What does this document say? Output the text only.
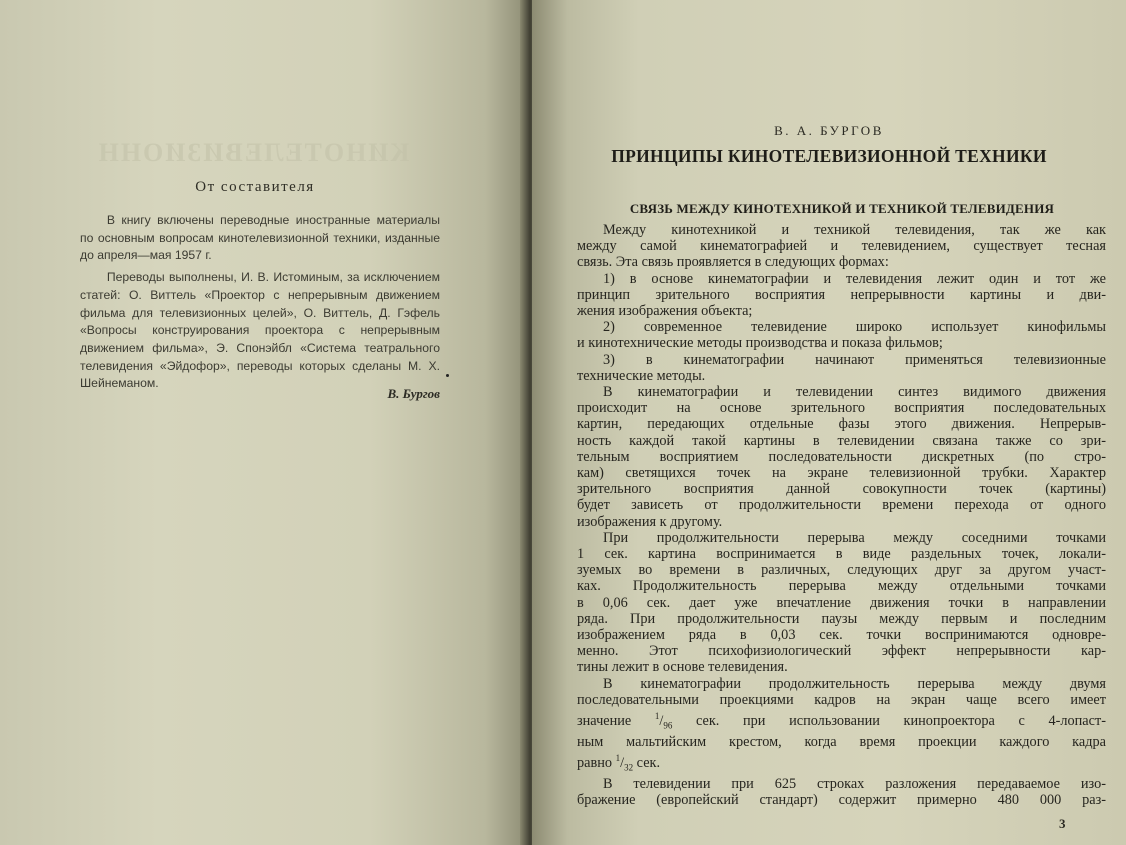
КИНОТЕЛЕВИЗИОНН
От составителя

В книгу включены переводные иностранные материалы по основным вопросам кинотелевизионной техники, изданные до апреля—мая 1957 г.

Переводы выполнены, И. В. Истоминым, за исключением статей: О. Виттель «Проектор с непрерывным движением фильма для телевизионных целей», О. Виттель, Д. Гэфель «Вопросы конструирования проектора с непрерывным движением фильма», Э. Спонэйбл «Система театрального телевидения «Эйдофор», переводы которых сделаны М. Х. Шейнеманом.

В. Бургов
В. А. БУРГОВ
ПРИНЦИПЫ КИНОТЕЛЕВИЗИОННОЙ ТЕХНИКИ
СВЯЗЬ МЕЖДУ КИНОТЕХНИКОЙ И ТЕХНИКОЙ ТЕЛЕВИДЕНИЯ
Между кинотехникой и техникой телевидения, так же как
между самой кинематографией и телевидением, существует тесная
связь. Эта связь проявляется в следующих формах:
1) в основе кинематографии и телевидения лежит один и тот же
принцип зрительного восприятия непрерывности картины и дви-
жения изображения объекта;
2) современное телевидение широко использует кинофильмы
и кинотехнические методы производства и показа фильмов;
3) в кинематографии начинают применяться телевизионные
технические методы.
В кинематографии и телевидении синтез видимого движения
происходит на основе зрительного восприятия последовательных
картин, передающих отдельные фазы этого движения. Непрерыв-
ность каждой такой картины в телевидении связана также со зри-
тельным восприятием последовательности дискретных (по стро-
кам) светящихся точек на экране телевизионной трубки. Характер
зрительного восприятия данной совокупности точек (картины)
будет зависеть от продолжительности времени перехода от одного
изображения к другому.
При продолжительности перерыва между соседними точками
1 сек. картина воспринимается в виде раздельных точек, локали-
зуемых во времени в различных, следующих друг за другом участ-
ках. Продолжительность перерыва между отдельными точками
в 0,06 сек. дает уже впечатление движения точки в направлении
ряда. При продолжительности паузы между первым и последним
изображением ряда в 0,03 сек. точки воспринимаются одновре-
менно. Этот психофизиологический эффект непрерывности кар-
тины лежит в основе телевидения.
В кинематографии продолжительность перерыва между двумя
последовательными проекциями кадров на экран чаще всего имеет
значение $^1/_{96}$ сек. при использовании кинопроектора с 4-лопаст-
ным мальтийским крестом, когда время проекции каждого кадра
равно $^1/_{32}$ сек.
В телевидении при 625 строках разложения передаваемое изо-
бражение (европейский стандарт) содержит примерно 480 000 раз-
3
